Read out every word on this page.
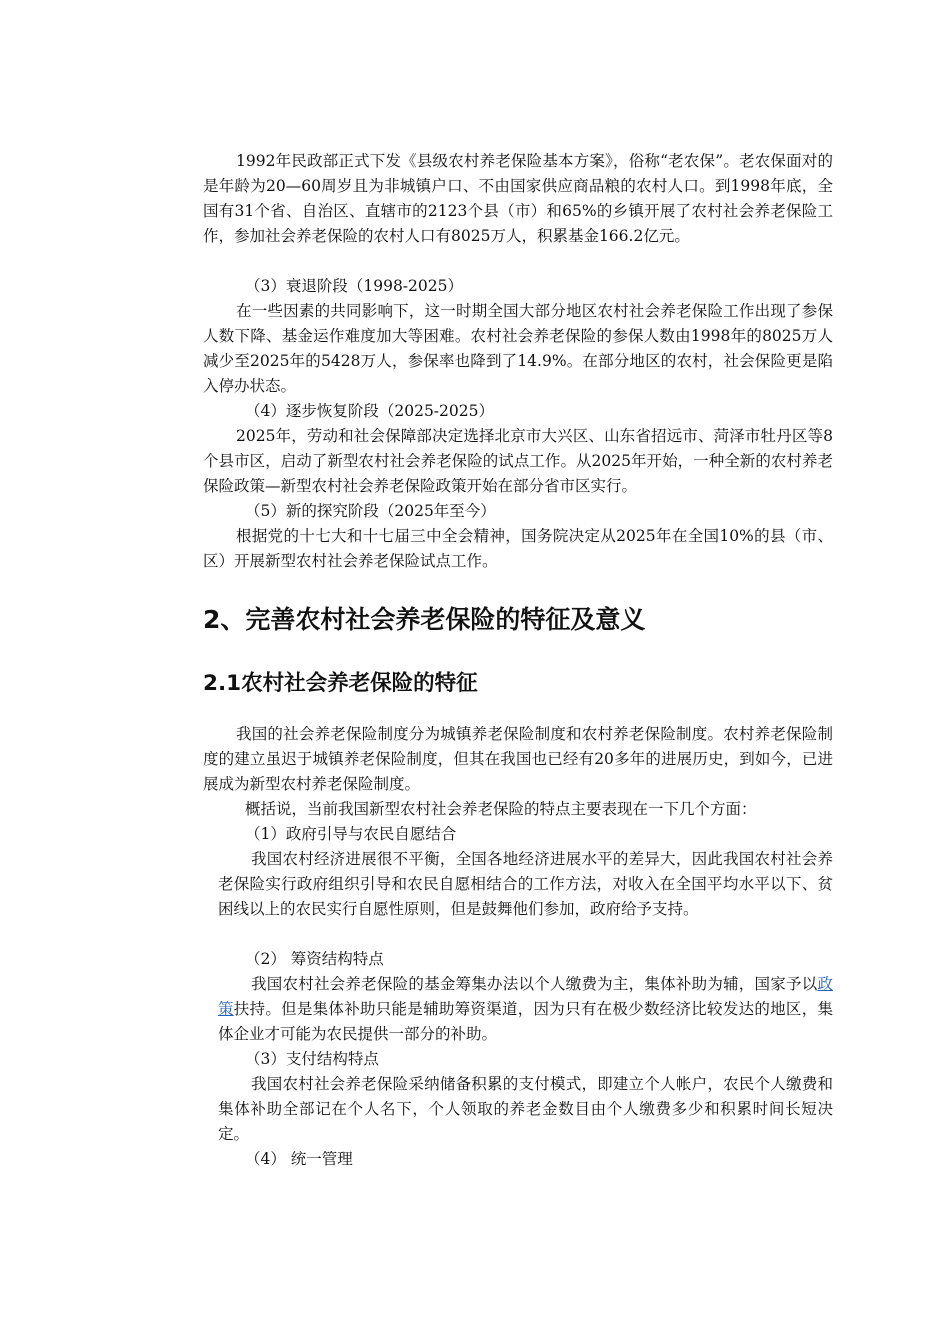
1992年民政部正式下发《县级农村养老保险基本方案》，俗称“老农保”。老农保面对的是年龄为20—60周岁且为非城镇户口、不由国家供应商品粮的农村人口。到1998年底，全国有31个省、自治区、直辖市的2123个县（市）和65%的乡镇开展了农村社会养老保险工作，参加社会养老保险的农村人口有8025万人，积累基金166.2亿元。

（3）衰退阶段（1998-2025）

在一些因素的共同影响下，这一时期全国大部分地区农村社会养老保险工作出现了参保人数下降、基金运作难度加大等困难。农村社会养老保险的参保人数由1998年的8025万人减少至2025年的5428万人，参保率也降到了14.9%。在部分地区的农村，社会保险更是陷入停办状态。

（4）逐步恢复阶段（2025-2025）

2025年，劳动和社会保障部决定选择北京市大兴区、山东省招远市、菏泽市牡丹区等8个县市区，启动了新型农村社会养老保险的试点工作。从2025年开始，一种全新的农村养老保险政策—新型农村社会养老保险政策开始在部分省市区实行。

（5）新的探究阶段（2025年至今）

根据党的十七大和十七届三中全会精神，国务院决定从2025年在全国10%的县（市、区）开展新型农村社会养老保险试点工作。

2、完善农村社会养老保险的特征及意义
2.1农村社会养老保险的特征

我国的社会养老保险制度分为城镇养老保险制度和农村养老保险制度。农村养老保险制度的建立虽迟于城镇养老保险制度，但其在我国也已经有20多年的进展历史，到如今，已进展成为新型农村养老保险制度。

概括说，当前我国新型农村社会养老保险的特点主要表现在一下几个方面：

（1）政府引导与农民自愿结合

我国农村经济进展很不平衡，全国各地经济进展水平的差异大，因此我国农村社会养老保险实行政府组织引导和农民自愿相结合的工作方法，对收入在全国平均水平以下、贫困线以上的农民实行自愿性原则，但是鼓舞他们参加，政府给予支持。

（2） 筹资结构特点

我国农村社会养老保险的基金筹集办法以个人缴费为主，集体补助为辅，国家予以政策扶持。但是集体补助只能是辅助筹资渠道，因为只有在极少数经济比较发达的地区，集体企业才可能为农民提供一部分的补助。

（3）支付结构特点

我国农村社会养老保险采纳储备积累的支付模式，即建立个人帐户，农民个人缴费和集体补助全部记在个人名下，个人领取的养老金数目由个人缴费多少和积累时间长短决定。

（4） 统一管理
